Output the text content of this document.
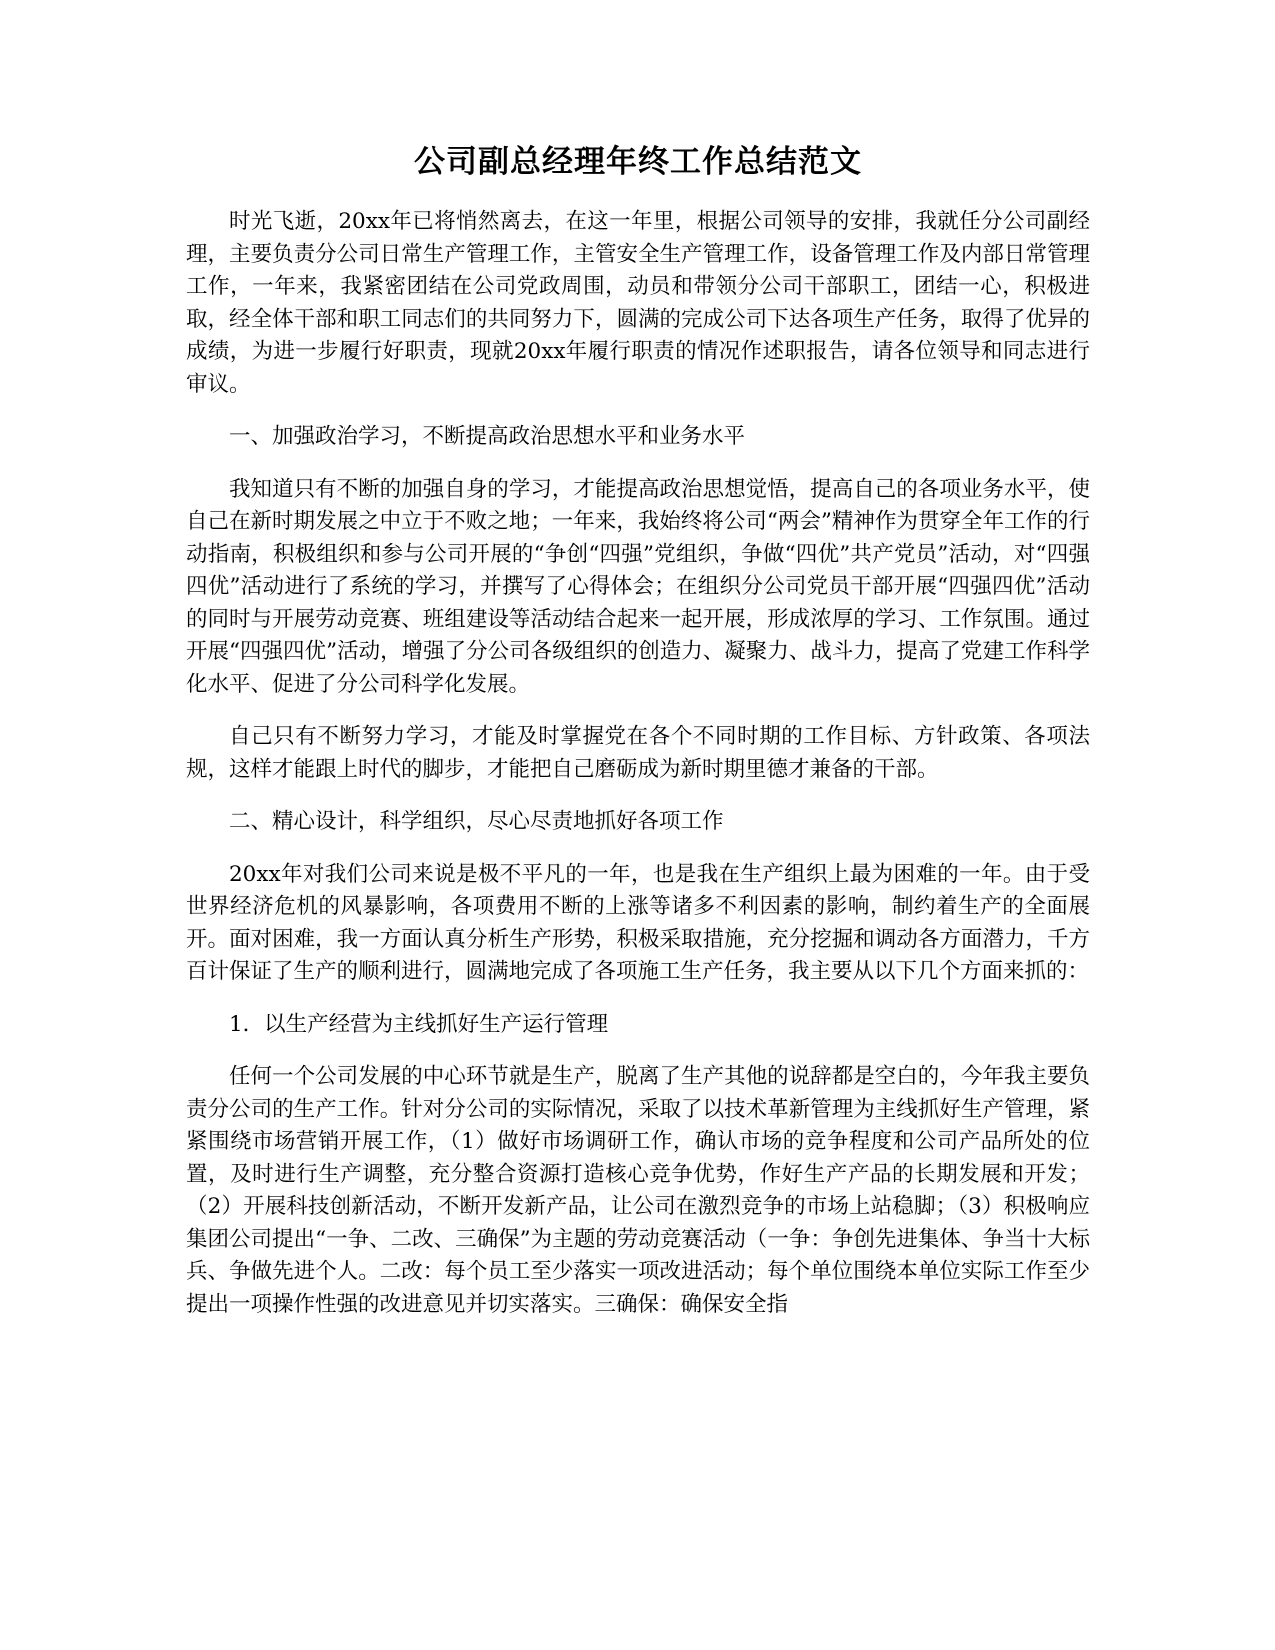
公司副总经理年终工作总结范文

时光飞逝，20xx年已将悄然离去，在这一年里，根据公司领导的安排，我就任分公司副经理，主要负责分公司日常生产管理工作，主管安全生产管理工作，设备管理工作及内部日常管理工作，一年来，我紧密团结在公司党政周围，动员和带领分公司干部职工，团结一心，积极进取，经全体干部和职工同志们的共同努力下，圆满的完成公司下达各项生产任务，取得了优异的成绩，为进一步履行好职责，现就20xx年履行职责的情况作述职报告，请各位领导和同志进行审议。

一、加强政治学习，不断提高政治思想水平和业务水平

我知道只有不断的加强自身的学习，才能提高政治思想觉悟，提高自己的各项业务水平，使自己在新时期发展之中立于不败之地；一年来，我始终将公司“两会”精神作为贯穿全年工作的行动指南，积极组织和参与公司开展的“争创“四强”党组织，争做“四优”共产党员”活动，对“四强四优”活动进行了系统的学习，并撰写了心得体会；在组织分公司党员干部开展“四强四优”活动的同时与开展劳动竞赛、班组建设等活动结合起来一起开展，形成浓厚的学习、工作氛围。通过开展“四强四优”活动，增强了分公司各级组织的创造力、凝聚力、战斗力，提高了党建工作科学化水平、促进了分公司科学化发展。

自己只有不断努力学习，才能及时掌握党在各个不同时期的工作目标、方针政策、各项法规，这样才能跟上时代的脚步，才能把自己磨砺成为新时期里德才兼备的干部。

二、精心设计，科学组织，尽心尽责地抓好各项工作

20xx年对我们公司来说是极不平凡的一年，也是我在生产组织上最为困难的一年。由于受世界经济危机的风暴影响，各项费用不断的上涨等诸多不利因素的影响，制约着生产的全面展开。面对困难，我一方面认真分析生产形势，积极采取措施，充分挖掘和调动各方面潜力，千方百计保证了生产的顺利进行，圆满地完成了各项施工生产任务，我主要从以下几个方面来抓的：

1．以生产经营为主线抓好生产运行管理

任何一个公司发展的中心环节就是生产，脱离了生产其他的说辞都是空白的，今年我主要负责分公司的生产工作。针对分公司的实际情况，采取了以技术革新管理为主线抓好生产管理，紧紧围绕市场营销开展工作，（1）做好市场调研工作，确认市场的竞争程度和公司产品所处的位置，及时进行生产调整，充分整合资源打造核心竞争优势，作好生产产品的长期发展和开发；（2）开展科技创新活动，不断开发新产品，让公司在激烈竞争的市场上站稳脚；（3）积极响应集团公司提出“一争、二改、三确保”为主题的劳动竞赛活动（一争：争创先进集体、争当十大标兵、争做先进个人。二改：每个员工至少落实一项改进活动；每个单位围绕本单位实际工作至少提出一项操作性强的改进意见并切实落实。三确保：确保安全指
